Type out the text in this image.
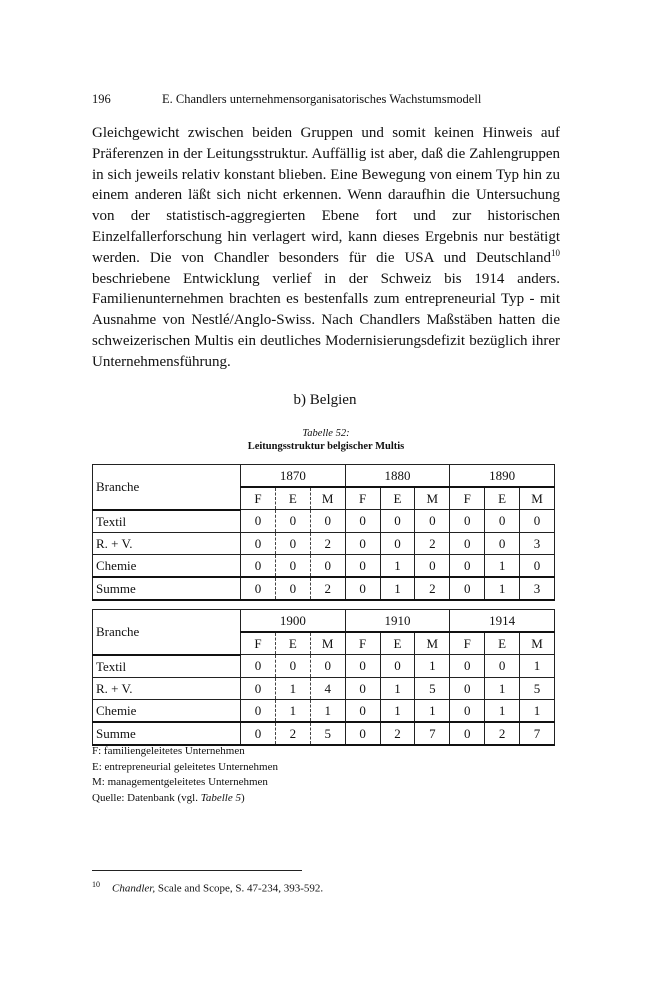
196	E. Chandlers unternehmensorganisatorisches Wachstumsmodell
Gleichgewicht zwischen beiden Gruppen und somit keinen Hinweis auf Präferenzen in der Leitungsstruktur. Auffällig ist aber, daß die Zahlengruppen in sich jeweils relativ konstant blieben. Eine Bewegung von einem Typ hin zu einem anderen läßt sich nicht erkennen. Wenn daraufhin die Untersuchung von der statistisch-aggregierten Ebene fort und zur historischen Einzelfallerforschung hin verlagert wird, kann dieses Ergebnis nur bestätigt werden. Die von Chandler besonders für die USA und Deutschland$^{10}$ beschriebene Entwicklung verlief in der Schweiz bis 1914 anders. Familienunternehmen brachten es bestenfalls zum entrepreneurial Typ - mit Ausnahme von Nestlé/Anglo-Swiss. Nach Chandlers Maßstäben hatten die schweizerischen Multis ein deutliches Modernisierungsdefizit bezüglich ihrer Unternehmensführung.
b) Belgien
Tabelle 52:
Leitungsstruktur belgischer Multis
Branche	1870			1880			1890		
	F	E	M	F	E	M	F	E	M
Textil	0	0	0	0	0	0	0	0	0
R. + V.	0	0	2	0	0	2	0	0	3
Chemie	0	0	0	0	1	0	0	1	0
Summe	0	0	2	0	1	2	0	1	3
Branche	1900			1910			1914		
	F	E	M	F	E	M	F	E	M
Textil	0	0	0	0	0	1	0	0	1
R. + V.	0	1	4	0	1	5	0	1	5
Chemie	0	1	1	0	1	1	0	1	1
Summe	0	2	5	0	2	7	0	2	7
F: familiengeleitetes Unternehmen
E: entrepreneurial geleitetes Unternehmen
M: managementgeleitetes Unternehmen
Quelle: Datenbank (vgl. Tabelle 5)
$^{10}$ Chandler, Scale and Scope, S. 47-234, 393-592.
